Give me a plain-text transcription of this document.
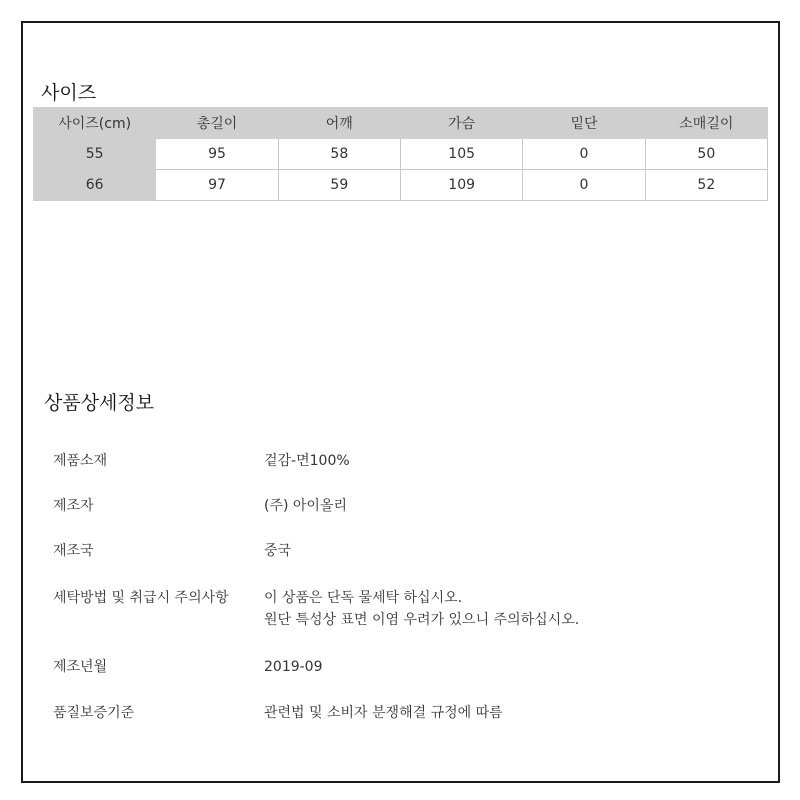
사이즈
사이즈(cm)	총길이	어깨	가슴	밑단	소매길이
55	95	58	105	0	50
66	97	59	109	0	52
상품상세정보
제품소재	겉감-면100%
제조자	(주) 아이올리
재조국	중국
세탁방법 및 취급시 주의사항	이 상품은 단독 물세탁 하십시오.
원단 특성상 표면 이염 우려가 있으니 주의하십시오.
제조년월	2019-09
품질보증기준	관련법 및 소비자 분쟁해결 규정에 따름
